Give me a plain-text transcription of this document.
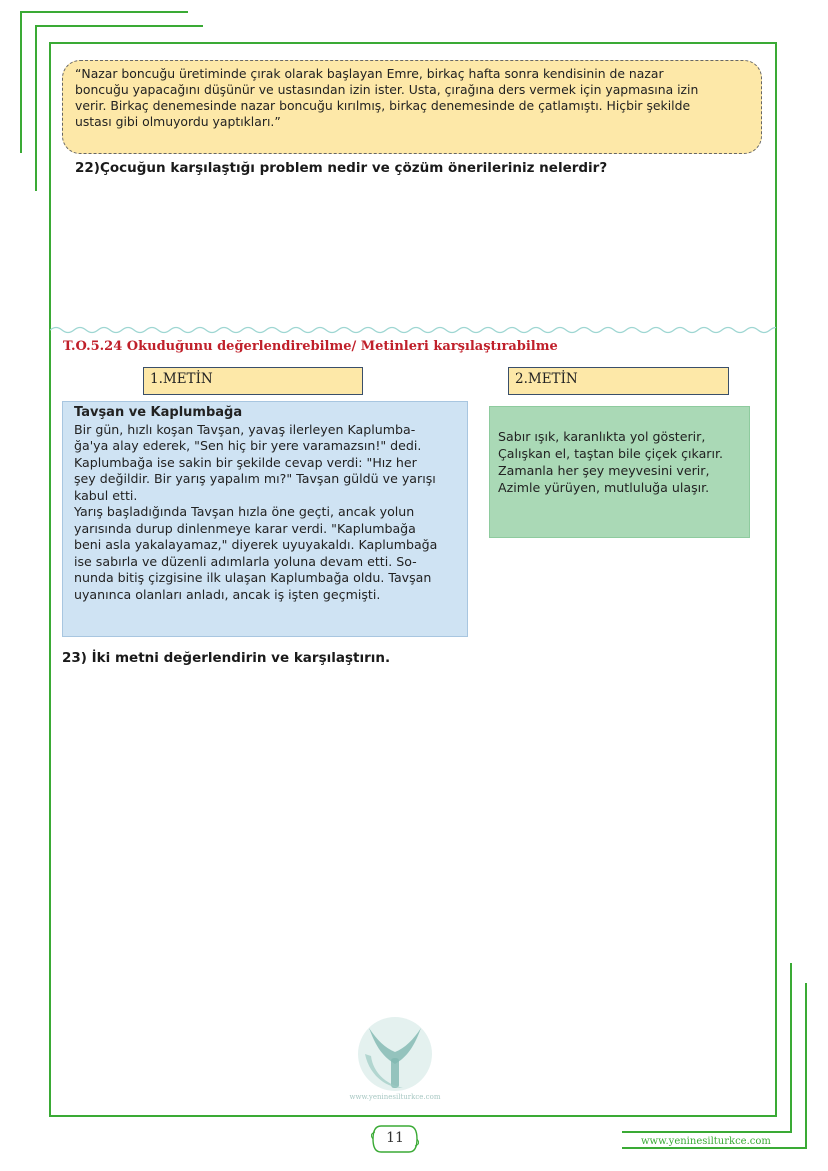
“Nazar boncuğu üretiminde çırak olarak başlayan Emre, birkaç hafta sonra kendisinin de nazar
boncuğu yapacağını düşünür ve ustasından izin ister. Usta, çırağına ders vermek için yapmasına izin
verir. Birkaç denemesinde nazar boncuğu kırılmış, birkaç denemesinde de çatlamıştı. Hiçbir şekilde
ustası gibi olmuyordu yaptıkları.”
22)Çocuğun karşılaştığı problem nedir ve çözüm önerileriniz nelerdir?
T.O.5.24 Okuduğunu değerlendirebilme/ Metinleri karşılaştırabilme
1.METİN	2.METİN
Tavşan ve Kaplumbağa
Bir gün, hızlı koşan Tavşan, yavaş ilerleyen Kaplumba-
ğa'ya alay ederek, "Sen hiç bir yere varamazsın!" dedi.
Kaplumbağa ise sakin bir şekilde cevap verdi: "Hız her
şey değildir. Bir yarış yapalım mı?" Tavşan güldü ve yarışı
kabul etti.
Yarış başladığında Tavşan hızla öne geçti, ancak yolun
yarısında durup dinlenmeye karar verdi. "Kaplumbağa
beni asla yakalayamaz," diyerek uyuyakaldı. Kaplumbağa
ise sabırla ve düzenli adımlarla yoluna devam etti. So-
nunda bitiş çizgisine ilk ulaşan Kaplumbağa oldu. Tavşan
uyanınca olanları anladı, ancak iş işten geçmişti.
Sabır ışık, karanlıkta yol gösterir,
Çalışkan el, taştan bile çiçek çıkarır.
Zamanla her şey meyvesini verir,
Azimle yürüyen, mutluluğa ulaşır.
23) İki metni değerlendirin ve karşılaştırın.
www.yeninesilturkce.com
11	www.yeninesilturkce.com
